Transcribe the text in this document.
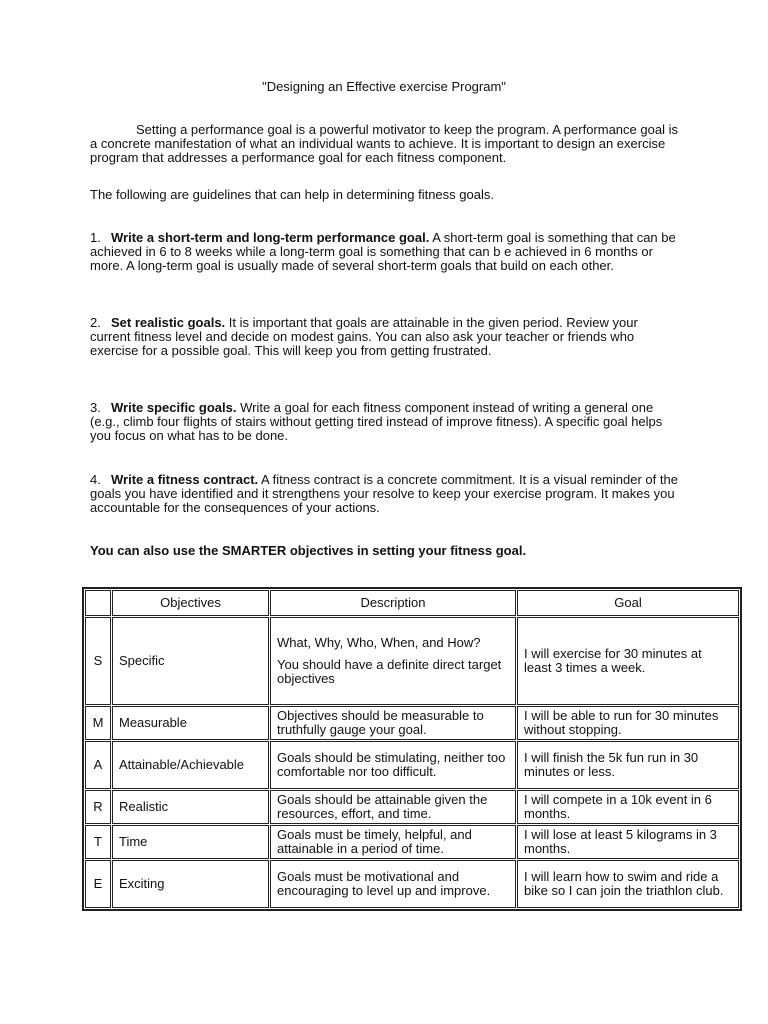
"Designing an Effective exercise Program"

Setting a performance goal is a powerful motivator to keep the program. A performance goal is a concrete manifestation of what an individual wants to achieve. It is important to design an exercise program that addresses a performance goal for each fitness component.

The following are guidelines that can help in determining fitness goals.

1. Write a short-term and long-term performance goal. A short-term goal is something that can be achieved in 6 to 8 weeks while a long-term goal is something that can b e achieved in 6 months or more. A long-term goal is usually made of several short-term goals that build on each other.

2. Set realistic goals. It is important that goals are attainable in the given period. Review your current fitness level and decide on modest gains. You can also ask your teacher or friends who exercise for a possible goal. This will keep you from getting frustrated.

3. Write specific goals. Write a goal for each fitness component instead of writing a general one (e.g., climb four flights of stairs without getting tired instead of improve fitness). A specific goal helps you focus on what has to be done.

4. Write a fitness contract. A fitness contract is a concrete commitment. It is a visual reminder of the goals you have identified and it strengthens your resolve to keep your exercise program. It makes you accountable for the consequences of your actions.

You can also use the SMARTER objectives in setting your fitness goal.

	Objectives	Description	Goal
S	Specific	What, Why, Who, When, and How?

You should have a definite direct target objectives	I will exercise for 30 minutes at least 3 times a week.
M	Measurable	Objectives should be measurable to truthfully gauge your goal.	I will be able to run for 30 minutes without stopping.
A	Attainable/Achievable	Goals should be stimulating, neither too comfortable nor too difficult.	I will finish the 5k fun run in 30 minutes or less.
R	Realistic	Goals should be attainable given the resources, effort, and time.	I will compete in a 10k event in 6 months.
T	Time	Goals must be timely, helpful, and attainable in a period of time.	I will lose at least 5 kilograms in 3 months.
E	Exciting	Goals must be motivational and encouraging to level up and improve.	I will learn how to swim and ride a bike so I can join the triathlon club.
